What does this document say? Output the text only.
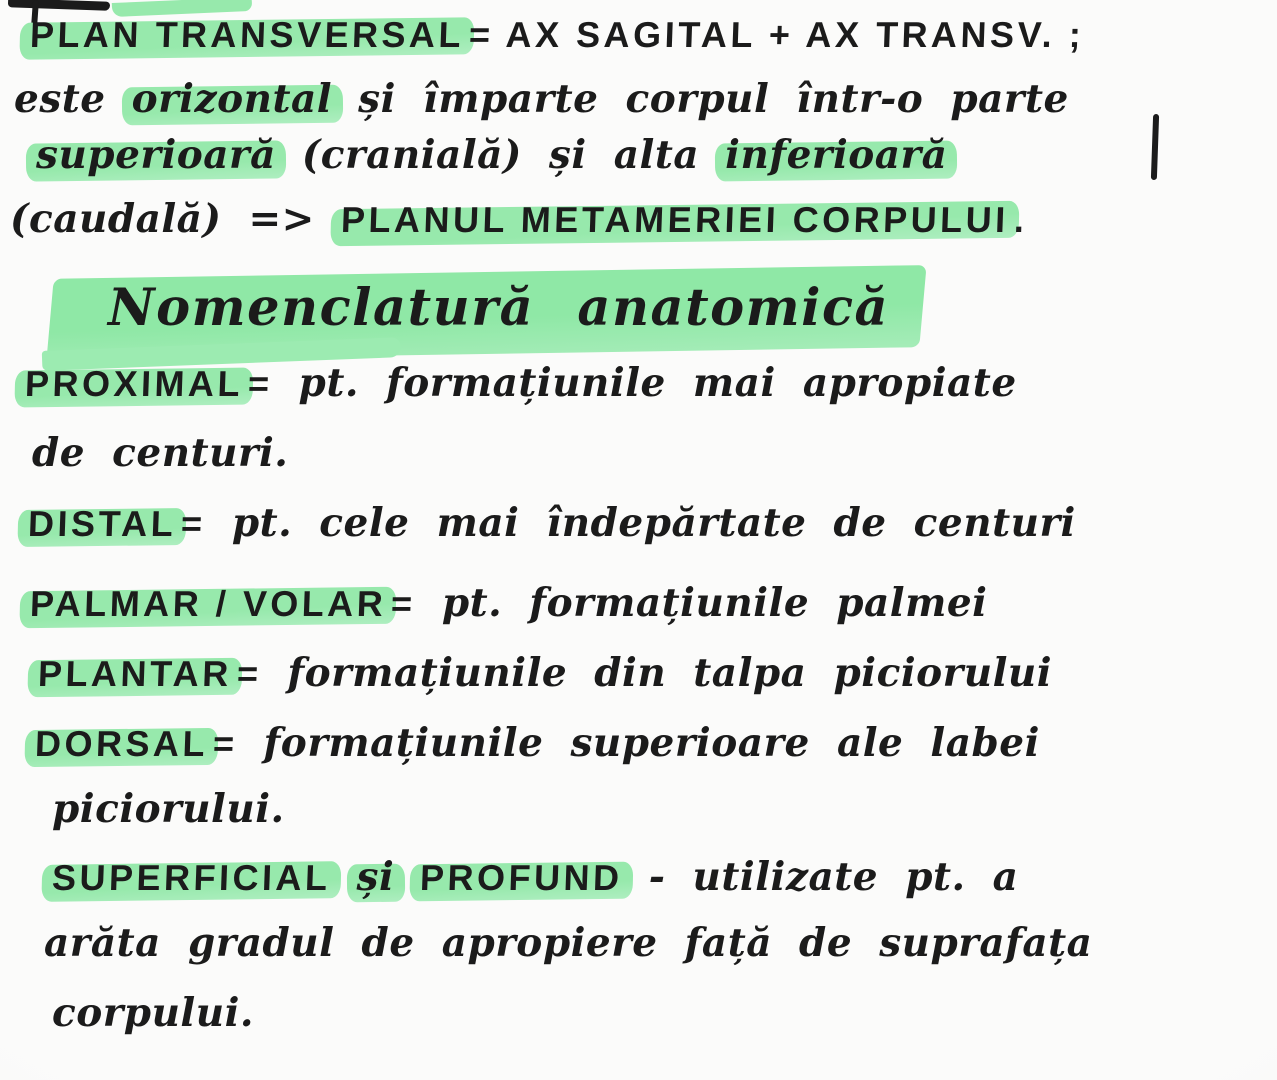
PLAN TRANSVERSAL = AX SAGITAL + AX TRANSV. ;
este orizontal și împarte corpul într-o parte
superioară (cranială) și alta inferioară
(caudală) => PLANUL METAMERIEI CORPULUI .
Nomenclatură anatomică
PROXIMAL = pt. formațiunile mai apropiate
de centuri.
DISTAL = pt. cele mai îndepărtate de centuri
PALMAR / VOLAR = pt. formațiunile palmei
PLANTAR = formațiunile din talpa piciorului
DORSAL = formațiunile superioare ale labei
piciorului.
SUPERFICIAL și PROFUND - utilizate pt. a
arăta gradul de apropiere față de suprafața
corpului.
